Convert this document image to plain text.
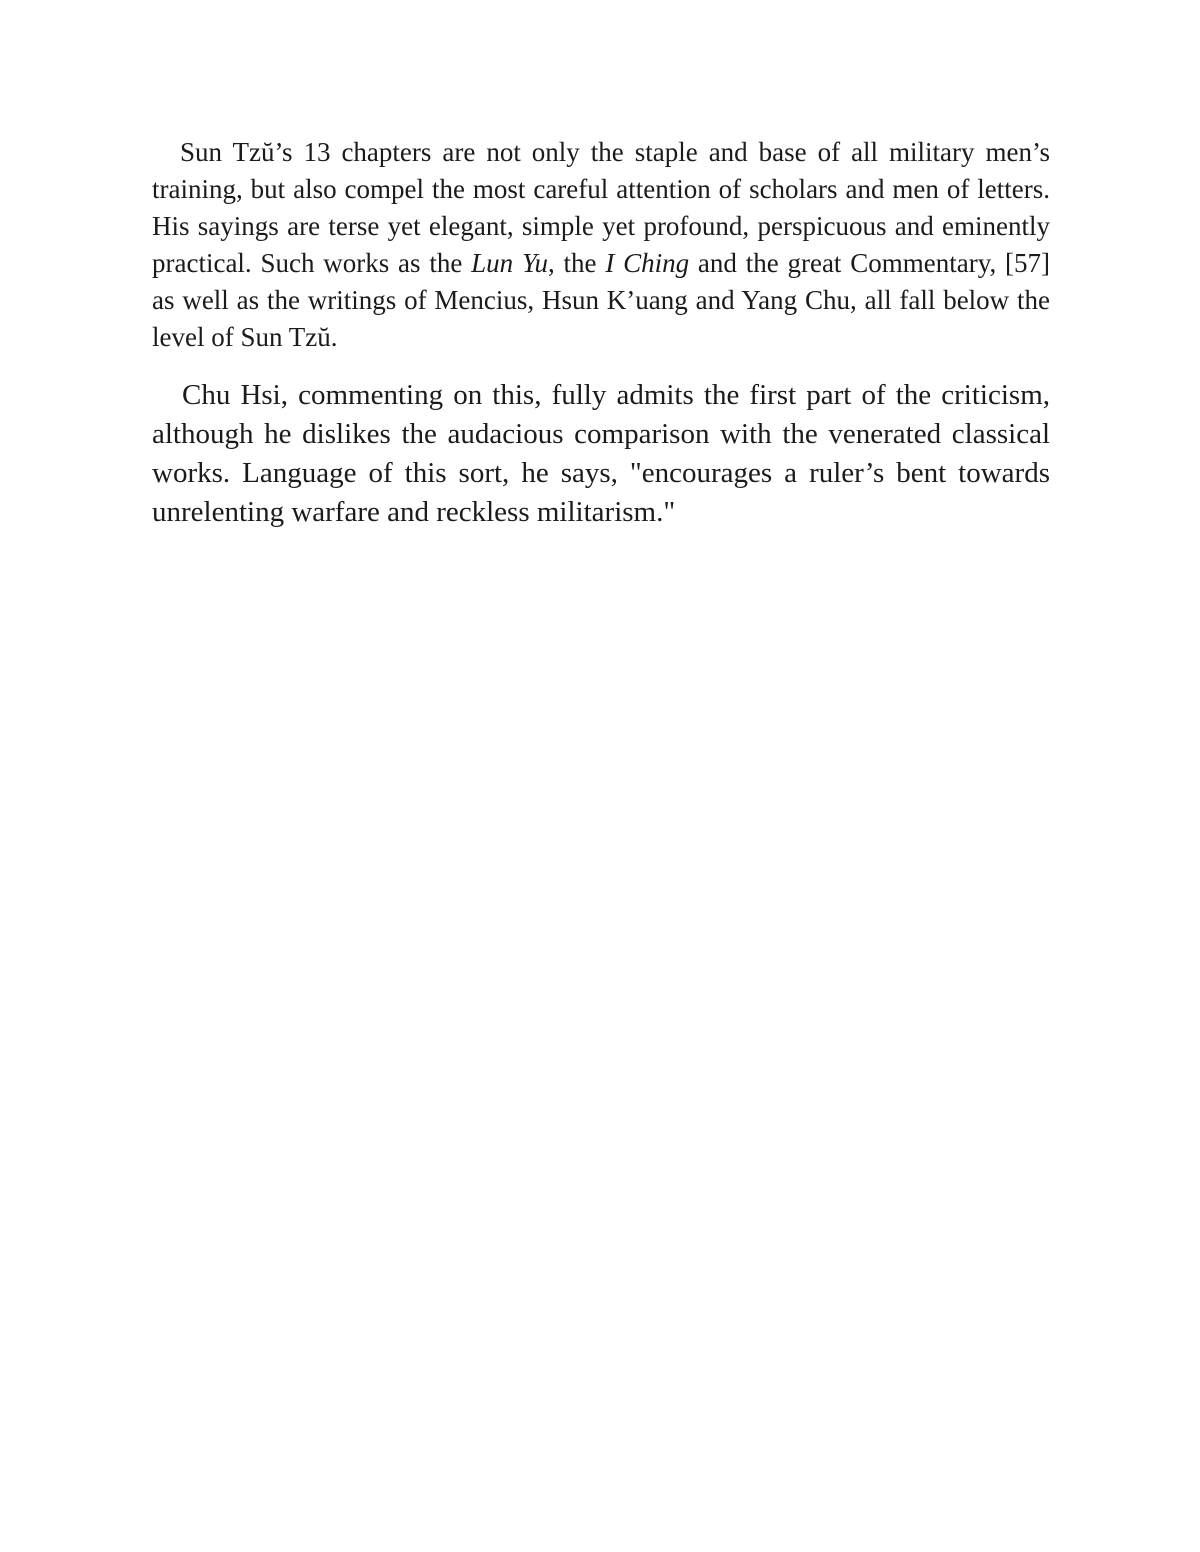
Sun Tzŭ’s 13 chapters are not only the staple and base of all military men’s training, but also compel the most careful attention of scholars and men of letters. His sayings are terse yet elegant, simple yet profound, perspicuous and eminently practical. Such works as the Lun Yu, the I Ching and the great Commentary, [57] as well as the writings of Mencius, Hsun K’uang and Yang Chu, all fall below the level of Sun Tzŭ.

Chu Hsi, commenting on this, fully admits the first part of the criticism, although he dislikes the audacious comparison with the venerated classical works. Language of this sort, he says, "encourages a ruler’s bent towards unrelenting warfare and reckless militarism."
